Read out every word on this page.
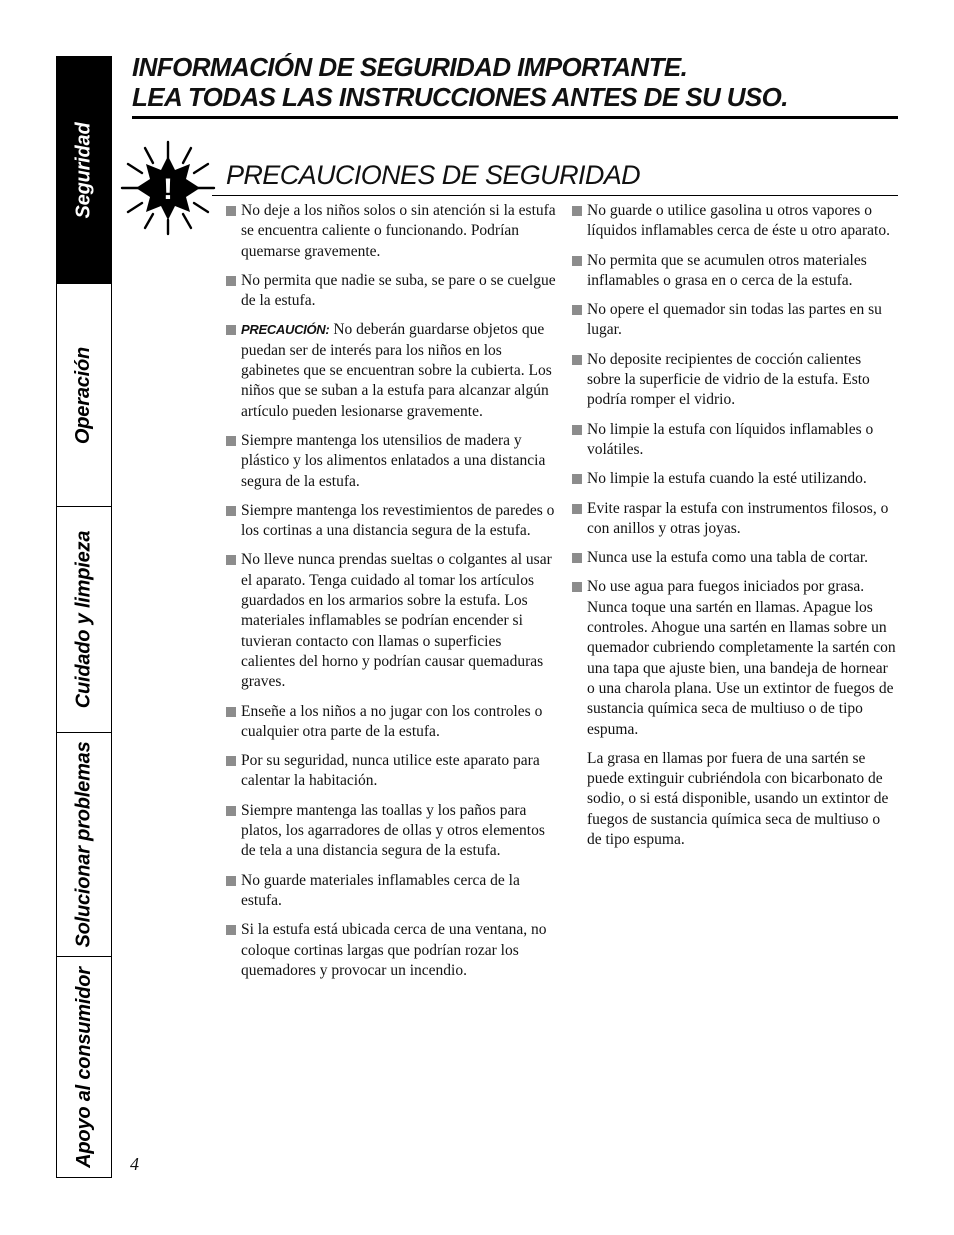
Seguridad
Operación
Cuidado y limpieza
Solucionar problemas
Apoyo al consumidor
INFORMACIÓN DE SEGURIDAD IMPORTANTE.
LEA TODAS LAS INSTRUCCIONES ANTES DE SU USO.
! PRECAUCIONES DE SEGURIDAD
No deje a los niños solos o sin atención si la estufa se encuentra caliente o funcionando. Podrían quemarse gravemente.
No permita que nadie se suba, se pare o se cuelgue de la estufa.
PRECAUCIÓN: No deberán guardarse objetos que puedan ser de interés para los niños en los gabinetes que se encuentran sobre la cubierta. Los niños que se suban a la estufa para alcanzar algún artículo pueden lesionarse gravemente.
Siempre mantenga los utensilios de madera y plástico y los alimentos enlatados a una distancia segura de la estufa.
Siempre mantenga los revestimientos de paredes o los cortinas a una distancia segura de la estufa.
No lleve nunca prendas sueltas o colgantes al usar el aparato. Tenga cuidado al tomar los artículos guardados en los armarios sobre la estufa. Los materiales inflamables se podrían encender si tuvieran contacto con llamas o superficies calientes del horno y podrían causar quemaduras graves.
Enseñe a los niños a no jugar con los controles o cualquier otra parte de la estufa.
Por su seguridad, nunca utilice este aparato para calentar la habitación.
Siempre mantenga las toallas y los paños para platos, los agarradores de ollas y otros elementos de tela a una distancia segura de la estufa.
No guarde materiales inflamables cerca de la estufa.
Si la estufa está ubicada cerca de una ventana, no coloque cortinas largas que podrían rozar los quemadores y provocar un incendio.
No guarde o utilice gasolina u otros vapores o líquidos inflamables cerca de éste u otro aparato.
No permita que se acumulen otros materiales inflamables o grasa en o cerca de la estufa.
No opere el quemador sin todas las partes en su lugar.
No deposite recipientes de cocción calientes sobre la superficie de vidrio de la estufa. Esto podría romper el vidrio.
No limpie la estufa con líquidos inflamables o volátiles.
No limpie la estufa cuando la esté utilizando.
Evite raspar la estufa con instrumentos filosos, o con anillos y otras joyas.
Nunca use la estufa como una tabla de cortar.
No use agua para fuegos iniciados por grasa. Nunca toque una sartén en llamas. Apague los controles. Ahogue una sartén en llamas sobre un quemador cubriendo completamente la sartén con una tapa que ajuste bien, una bandeja de hornear o una charola plana. Use un extintor de fuegos de sustancia química seca de multiuso o de tipo espuma.
La grasa en llamas por fuera de una sartén se puede extinguir cubriéndola con bicarbonato de sodio, o si está disponible, usando un extintor de fuegos de sustancia química seca de multiuso o de tipo espuma.
4
